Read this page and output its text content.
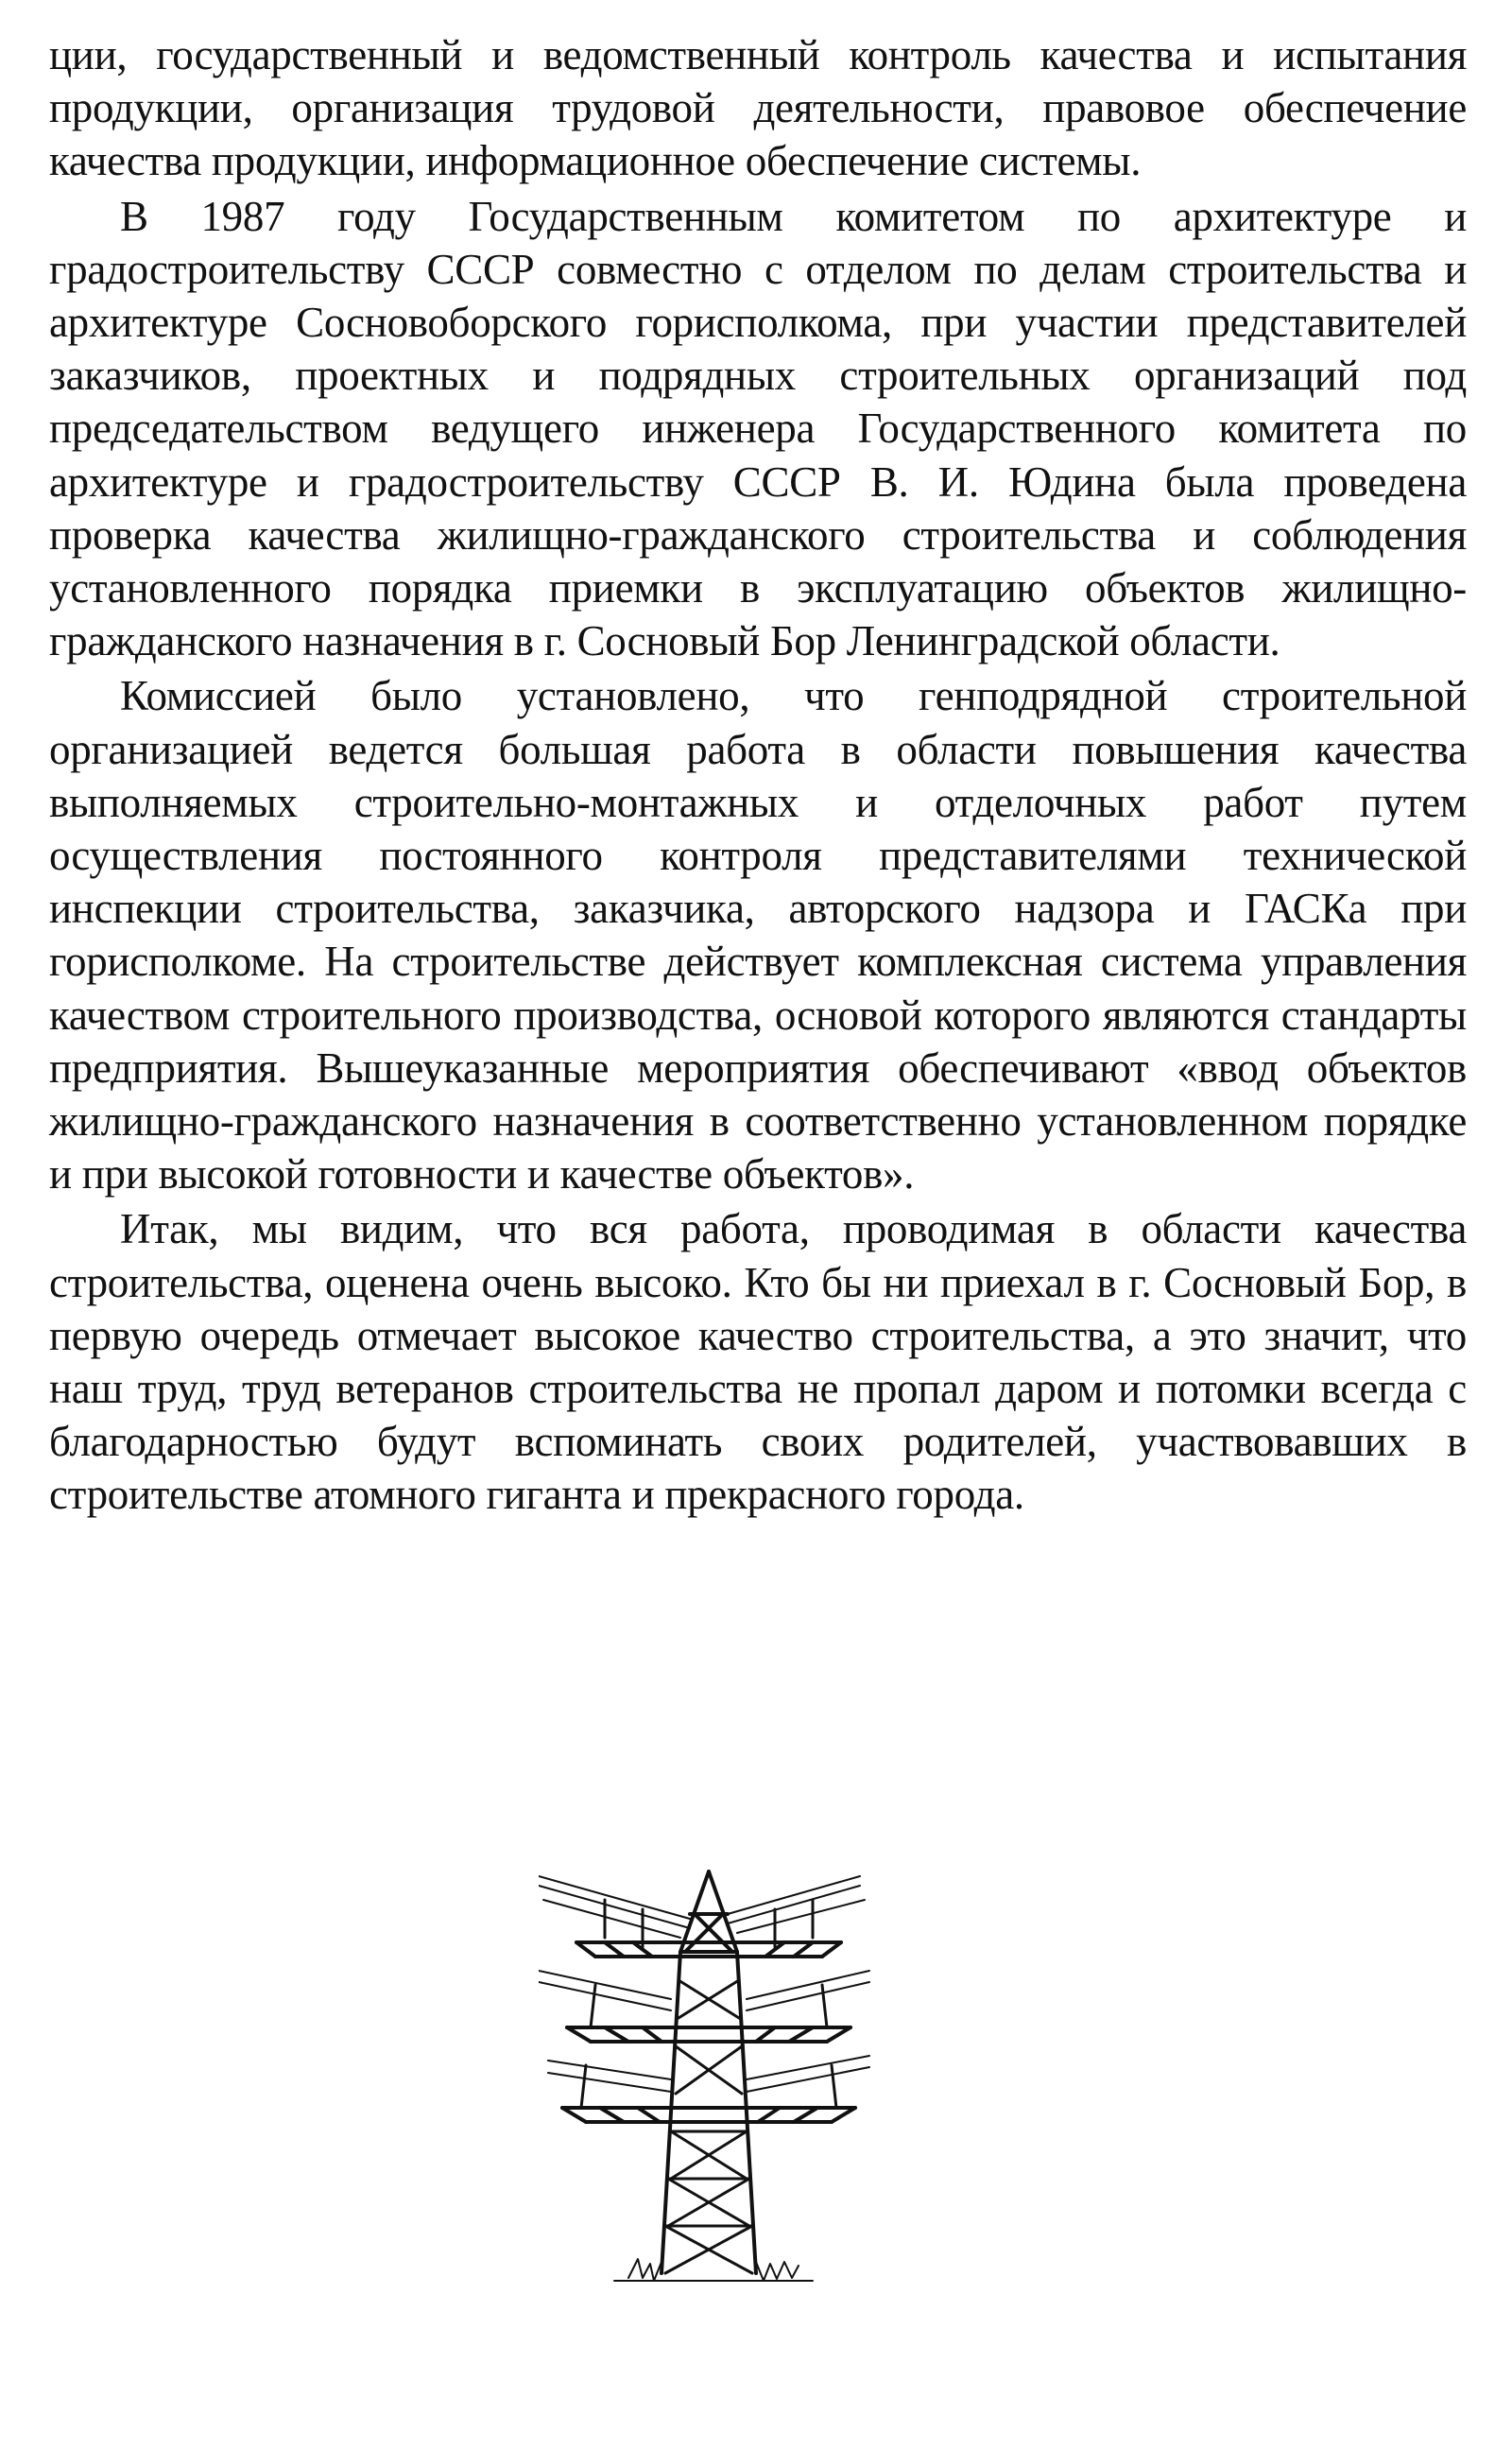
ции, государственный и ведомственный контроль качества и испытания продукции, организация трудовой деятельности, правовое обеспечение качества продукции, информационное обеспечение системы.

В 1987 году Государственным комитетом по архитектуре и градостроительству СССР совместно с отделом по делам строительства и архитектуре Сосновоборского горисполкома, при участии представителей заказчиков, проектных и подрядных строительных организаций под председательством ведущего инженера Государственного комитета по архитектуре и градостроительству СССР В. И. Юдина была проведена проверка качества жилищно-гражданского строительства и соблюдения установленного порядка приемки в эксплуатацию объектов жилищно-гражданского назначения в г. Сосновый Бор Ленинградской области.

Комиссией было установлено, что генподрядной строительной организацией ведется большая работа в области повышения качества выполняемых строительно-монтажных и отделочных работ путем осуществления постоянного контроля представителями технической инспекции строительства, заказчика, авторского надзора и ГАСКа при горисполкоме. На строительстве действует комплексная система управления качеством строительного производства, основой которого являются стандарты предприятия. Вышеуказанные мероприятия обеспечивают «ввод объектов жилищно-гражданского назначения в соответственно установленном порядке и при высокой готовности и качестве объектов».

Итак, мы видим, что вся работа, проводимая в области качества строительства, оценена очень высоко. Кто бы ни приехал в г. Сосновый Бор, в первую очередь отмечает высокое качество строительства, а это значит, что наш труд, труд ветеранов строительства не пропал даром и потомки всегда с благодарностью будут вспоминать своих родителей, участвовавших в строительстве атомного гиганта и прекрасного города.
